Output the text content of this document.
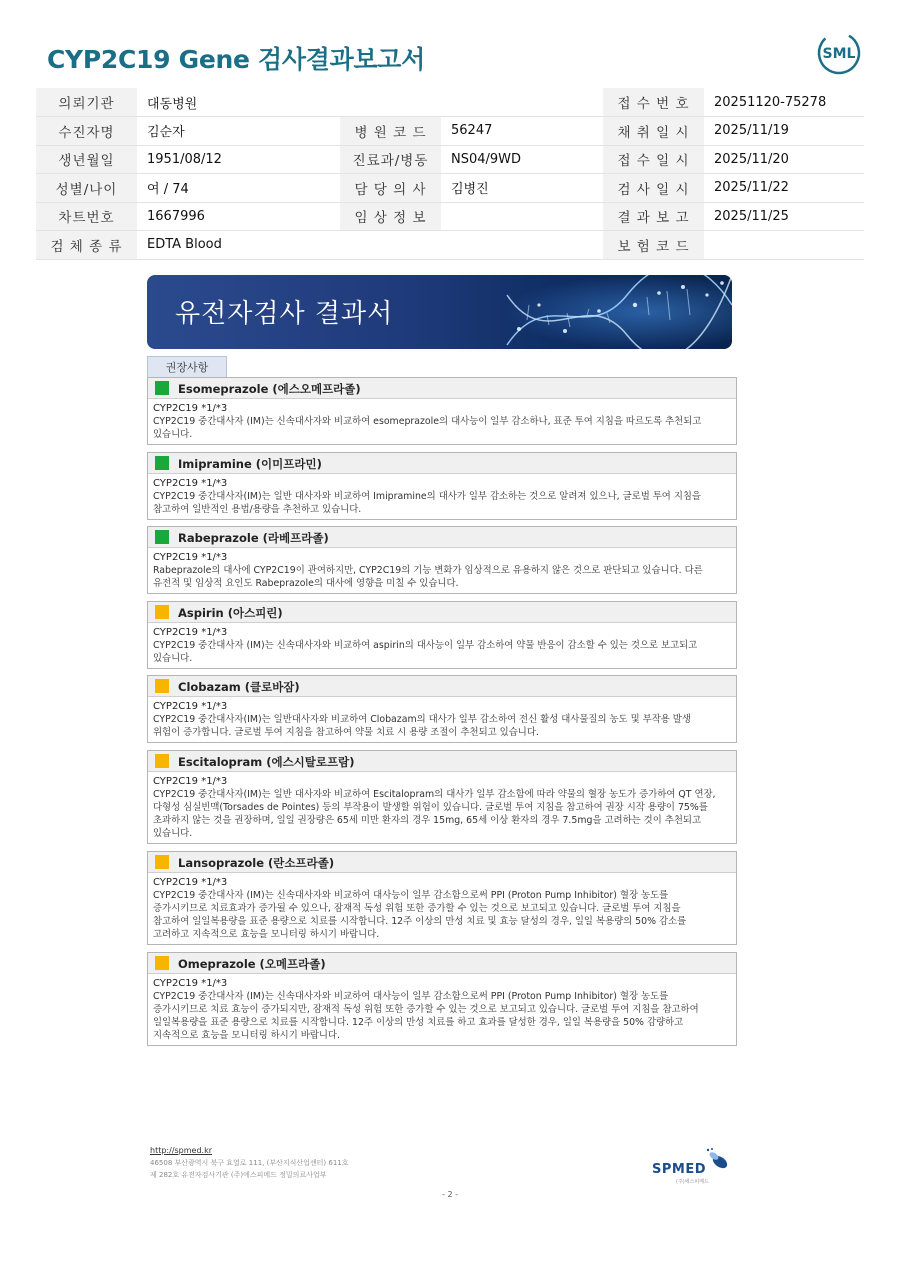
CYP2C19 Gene 검사결과보고서	SML
의뢰기관	대동병원			접 수 번 호	20251120-75278
수진자명	김순자	병 원 코 드	56247	채 취 일 시	2025/11/19
생년월일	1951/08/12	진료과/병동	NS04/9WD	접 수 일 시	2025/11/20
성별/나이	여 / 74	담 당 의 사	김병진	검 사 일 시	2025/11/22
차트번호	1667996	임 상 정 보		결 과 보 고	2025/11/25
검 체 종 류	EDTA Blood			보 험 코 드	
유전자검사 결과서
권장사항
Esomeprazole (에스오메프라졸)
CYP2C19 *1/*3
CYP2C19 중간대사자 (IM)는 신속대사자와 비교하여 esomeprazole의 대사능이 일부 감소하나, 표준 투여 지침을 따르도록 추천되고
있습니다.
Imipramine (이미프라민)
CYP2C19 *1/*3
CYP2C19 중간대사자(IM)는 일반 대사자와 비교하여 Imipramine의 대사가 일부 감소하는 것으로 알려져 있으나, 글로벌 투여 지침을
참고하여 일반적인 용법/용량을 추천하고 있습니다.
Rabeprazole (라베프라졸)
CYP2C19 *1/*3
Rabeprazole의 대사에 CYP2C19이 관여하지만, CYP2C19의 기능 변화가 임상적으로 유용하지 않은 것으로 판단되고 있습니다. 다른
유전적 및 임상적 요인도 Rabeprazole의 대사에 영향을 미칠 수 있습니다.
Aspirin (아스피린)
CYP2C19 *1/*3
CYP2C19 중간대사자 (IM)는 신속대사자와 비교하여 aspirin의 대사능이 일부 감소하여 약물 반응이 감소할 수 있는 것으로 보고되고
있습니다.
Clobazam (클로바잠)
CYP2C19 *1/*3
CYP2C19 중간대사자(IM)는 일반대사자와 비교하여 Clobazam의 대사가 일부 감소하여 전신 활성 대사물질의 농도 및 부작용 발생
위험이 증가합니다. 글로벌 투여 지침을 참고하여 약물 치료 시 용량 조절이 추천되고 있습니다.
Escitalopram (에스시탈로프람)
CYP2C19 *1/*3
CYP2C19 중간대사자(IM)는 일반 대사자와 비교하여 Escitalopram의 대사가 일부 감소함에 따라 약물의 혈장 농도가 증가하여 QT 연장,
다형성 심실빈맥(Torsades de Pointes) 등의 부작용이 발생할 위험이 있습니다. 글로벌 투여 지침을 참고하여 권장 시작 용량이 75%를
초과하지 않는 것을 권장하며, 일일 권장량은 65세 미만 환자의 경우 15mg, 65세 이상 환자의 경우 7.5mg을 고려하는 것이 추천되고
있습니다.
Lansoprazole (란소프라졸)
CYP2C19 *1/*3
CYP2C19 중간대사자 (IM)는 신속대사자와 비교하여 대사능이 일부 감소함으로써 PPI (Proton Pump Inhibitor) 혈장 농도를
증가시키므로 치료효과가 증가될 수 있으나, 잠재적 독성 위험 또한 증가할 수 있는 것으로 보고되고 있습니다. 글로벌 투여 지침을
참고하여 일일복용량을 표준 용량으로 치료를 시작합니다. 12주 이상의 만성 치료 및 효능 달성의 경우, 일일 복용량의 50% 감소를
고려하고 지속적으로 효능을 모니터링 하시기 바랍니다.
Omeprazole (오메프라졸)
CYP2C19 *1/*3
CYP2C19 중간대사자 (IM)는 신속대사자와 비교하여 대사능이 일부 감소함으로써 PPI (Proton Pump Inhibitor) 혈장 농도를
증가시키므로 치료 효능이 증가되지만, 잠재적 독성 위험 또한 증가할 수 있는 것으로 보고되고 있습니다. 글로벌 투여 지침을 참고하여
일일복용량을 표준 용량으로 치료를 시작합니다. 12주 이상의 만성 치료를 하고 효과를 달성한 경우, 일일 복용량을 50% 감량하고
지속적으로 효능을 모니터링 하시기 바랍니다.
http://spmed.kr
46508 부산광역시 북구 효열로 111, (부산지식산업센터) 611호
제 282호 유전자검사기관 (주)에스피메드 정밀의료사업부	SPMED
(주)에스피메드
- 2 -
